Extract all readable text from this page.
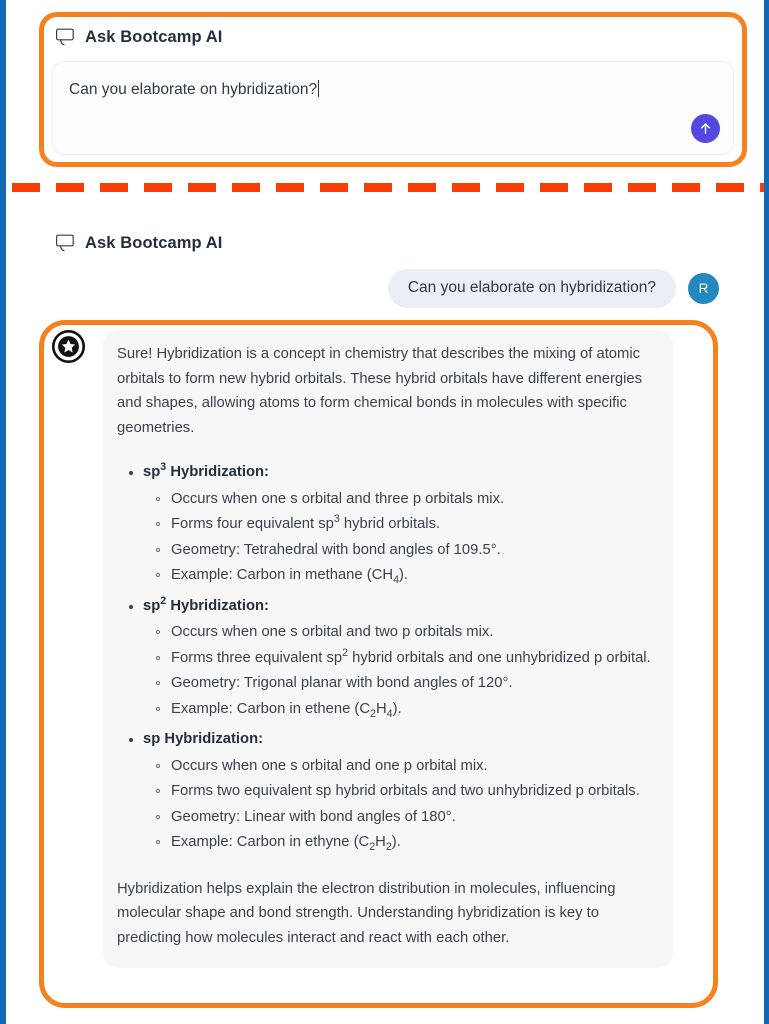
Ask Bootcamp AI
Can you elaborate on hybridization?
Ask Bootcamp AI
Can you elaborate on hybridization?	R

Sure! Hybridization is a concept in chemistry that describes the mixing of atomic orbitals to form new hybrid orbitals. These hybrid orbitals have different energies and shapes, allowing atoms to form chemical bonds in molecules with specific geometries.

$sp^3$ Hybridization:
Occurs when one s orbital and three p orbitals mix.
Forms four equivalent $sp^3$ hybrid orbitals.
Geometry: Tetrahedral with bond angles of 109.5°.
Example: Carbon in methane $(CH_4)$.
$sp^2$ Hybridization:
Occurs when one s orbital and two p orbitals mix.
Forms three equivalent $sp^2$ hybrid orbitals and one unhybridized p orbital.
Geometry: Trigonal planar with bond angles of 120°.
Example: Carbon in ethene $(C_2H_4)$.
sp Hybridization:
Occurs when one s orbital and one p orbital mix.
Forms two equivalent sp hybrid orbitals and two unhybridized p orbitals.
Geometry: Linear with bond angles of 180°.
Example: Carbon in ethyne $(C_2H_2)$.

Hybridization helps explain the electron distribution in molecules, influencing molecular shape and bond strength. Understanding hybridization is key to predicting how molecules interact and react with each other.
